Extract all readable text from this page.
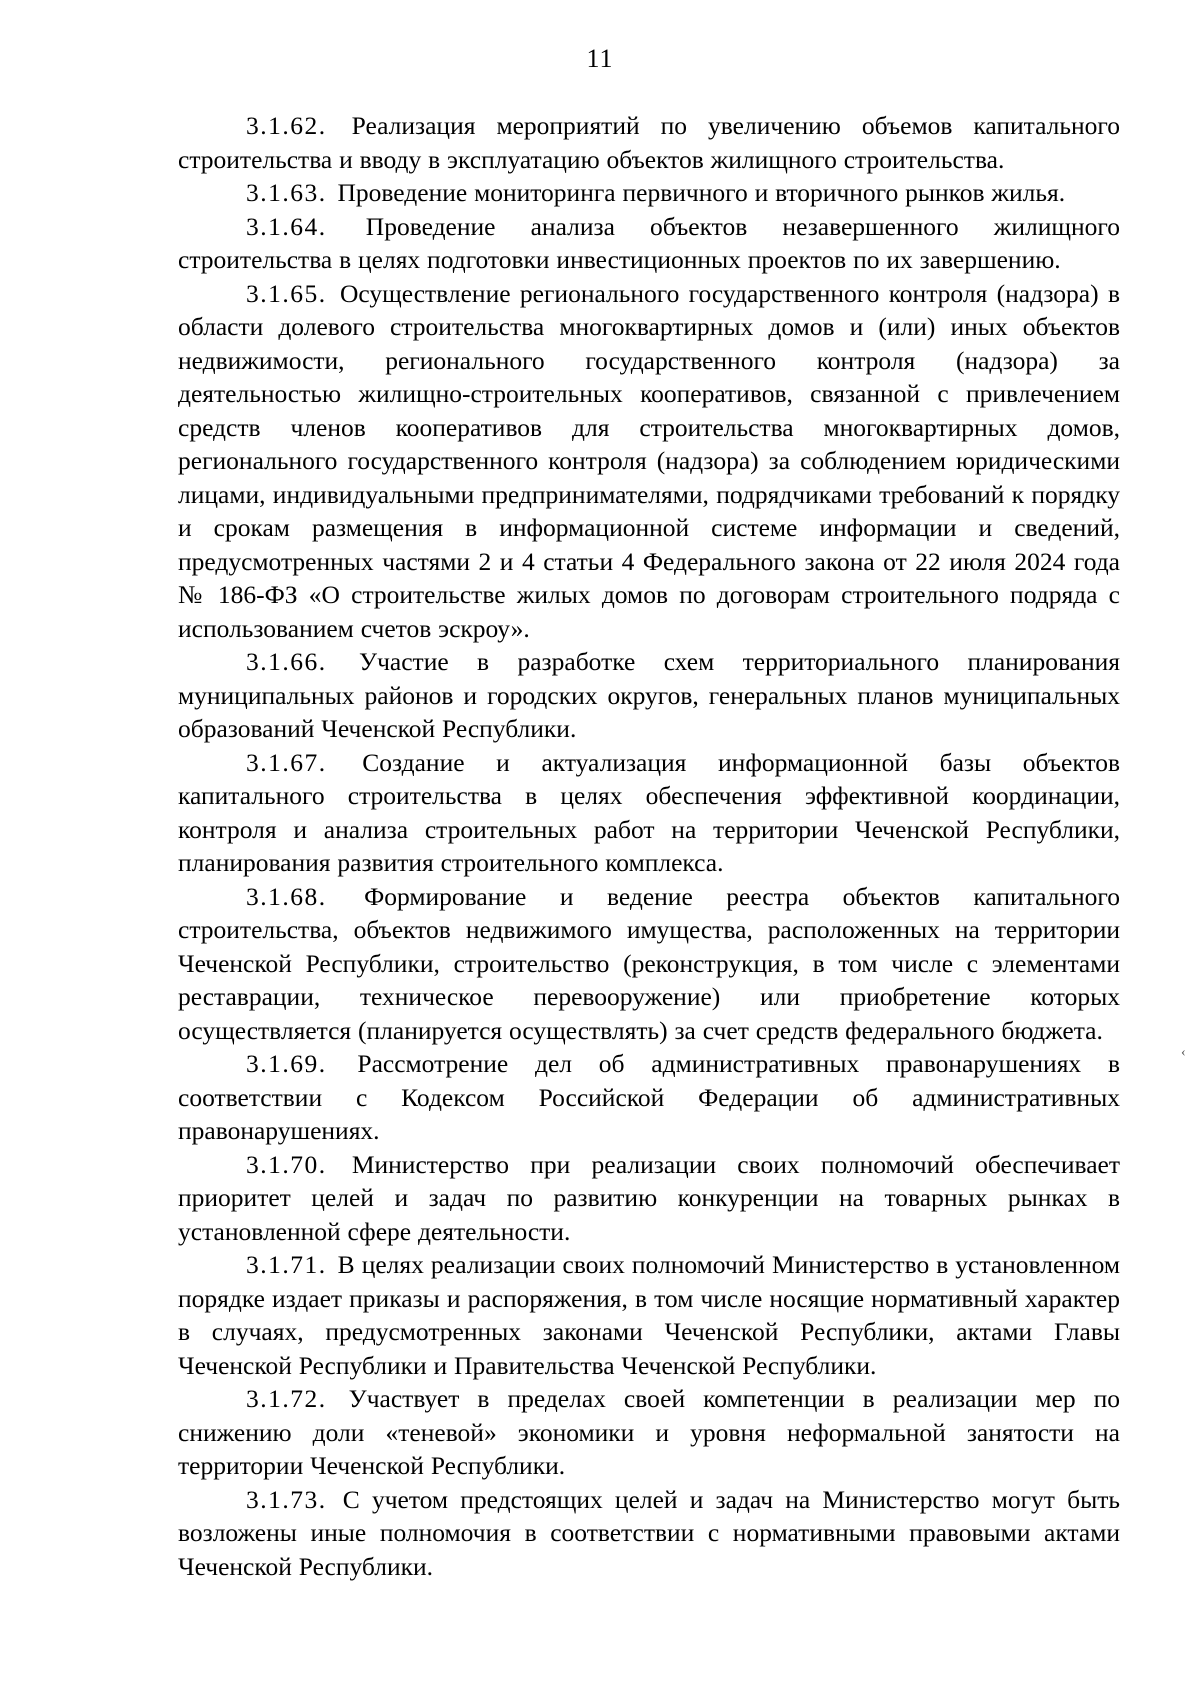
11

3.1.62. Реализация мероприятий по увеличению объемов капитального строительства и вводу в эксплуатацию объектов жилищного строительства.

3.1.63. Проведение мониторинга первичного и вторичного рынков жилья.

3.1.64. Проведение анализа объектов незавершенного жилищного строительства в целях подготовки инвестиционных проектов по их завершению.

3.1.65. Осуществление регионального государственного контроля (надзора) в области долевого строительства многоквартирных домов и (или) иных объектов недвижимости, регионального государственного контроля (надзора) за деятельностью жилищно-строительных кооперативов, связанной с привлечением средств членов кооперативов для строительства многоквартирных домов, регионального государственного контроля (надзора) за соблюдением юридическими лицами, индивидуальными предпринимателями, подрядчиками требований к порядку и срокам размещения в информационной системе информации и сведений, предусмотренных частями 2 и 4 статьи 4 Федерального закона от 22 июля 2024 года № 186-ФЗ «О строительстве жилых домов по договорам строительного подряда с использованием счетов эскроу».

3.1.66. Участие в разработке схем территориального планирования муниципальных районов и городских округов, генеральных планов муниципальных образований Чеченской Республики.

3.1.67. Создание и актуализация информационной базы объектов капитального строительства в целях обеспечения эффективной координации, контроля и анализа строительных работ на территории Чеченской Республики, планирования развития строительного комплекса.

3.1.68. Формирование и ведение реестра объектов капитального строительства, объектов недвижимого имущества, расположенных на территории Чеченской Республики, строительство (реконструкция, в том числе с элементами реставрации, техническое перевооружение) или приобретение которых осуществляется (планируется осуществлять) за счет средств федерального бюджета.

3.1.69. Рассмотрение дел об административных правонарушениях в соответствии с Кодексом Российской Федерации об административных правонарушениях.

3.1.70. Министерство при реализации своих полномочий обеспечивает приоритет целей и задач по развитию конкуренции на товарных рынках в установленной сфере деятельности.

3.1.71. В целях реализации своих полномочий Министерство в установленном порядке издает приказы и распоряжения, в том числе носящие нормативный характер в случаях, предусмотренных законами Чеченской Республики, актами Главы Чеченской Республики и Правительства Чеченской Республики.

3.1.72. Участвует в пределах своей компетенции в реализации мер по снижению доли «теневой» экономики и уровня неформальной занятости на территории Чеченской Республики.

3.1.73. С учетом предстоящих целей и задач на Министерство могут быть возложены иные полномочия в соответствии с нормативными правовыми актами Чеченской Республики.

‹
